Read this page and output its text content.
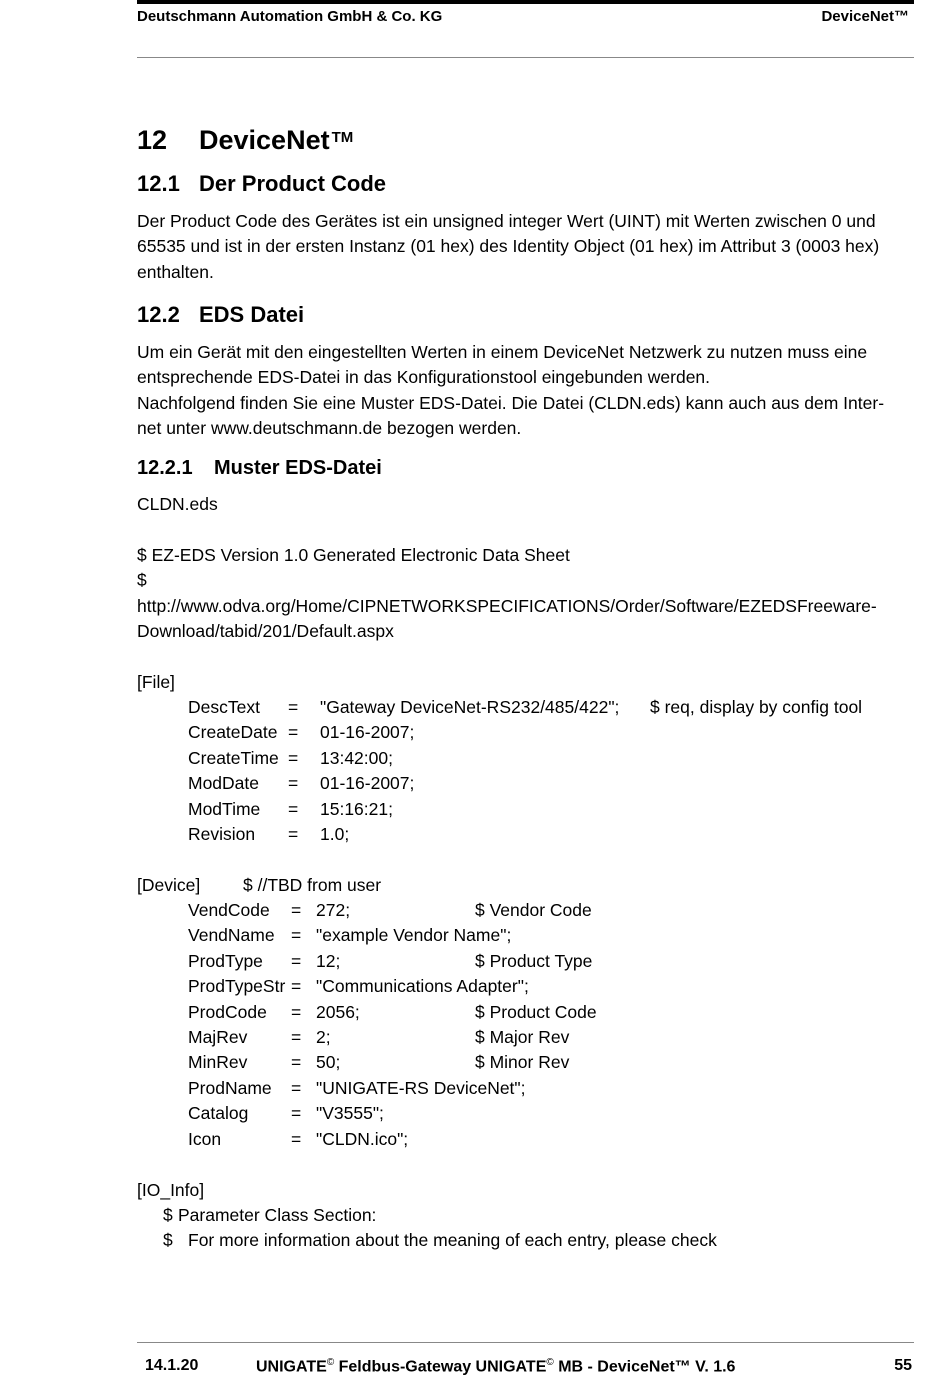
Deutschmann Automation GmbH & Co. KG	DeviceNet™
12 DeviceNet ™
12.1 Der Product Code
Der Product Code des Gerätes ist ein unsigned integer Wert (UINT) mit Werten zwischen 0 und
65535 und ist in der ersten Instanz (01 hex) des Identity Object (01 hex) im Attribut 3 (0003 hex)
enthalten.
12.2 EDS Datei
Um ein Gerät mit den eingestellten Werten in einem DeviceNet Netzwerk zu nutzen muss eine
entsprechende EDS-Datei in das Konfigurationstool eingebunden werden.
Nachfolgend finden Sie eine Muster EDS-Datei. Die Datei (CLDN.eds) kann auch aus dem Inter-
net unter www.deutschmann.de bezogen werden.
12.2.1 Muster EDS-Datei
CLDN.eds
$ EZ-EDS Version 1.0 Generated Electronic Data Sheet
$
http://www.odva.org/Home/CIPNETWORKSPECIFICATIONS/Order/Software/EZEDSFreeware-
Download/tabid/201/Default.aspx
[File]
DescText = "Gateway DeviceNet-RS232/485/422"; $ req, display by config tool
CreateDate = 01-16-2007;
CreateTime = 13:42:00;
ModDate = 01-16-2007;
ModTime = 15:16:21;
Revision = 1.0;
[Device] $ //TBD from user
VendCode = 272;	$ Vendor Code
VendName = "example Vendor Name";
ProdType = 12;	$ Product Type
ProdTypeStr = "Communications Adapter";
ProdCode = 2056;	$ Product Code
MajRev = 2;	$ Major Rev
MinRev = 50;	$ Minor Rev
ProdName = "UNIGATE-RS DeviceNet";
Catalog = "V3555";
Icon	= "CLDN.ico";
[IO_Info]
$ Parameter Class Section:
$ For more information about the meaning of each entry, please check
14.1.20	UNIGATE© Feldbus-Gateway UNIGATE© MB - DeviceNet™ V. 1.6	55
